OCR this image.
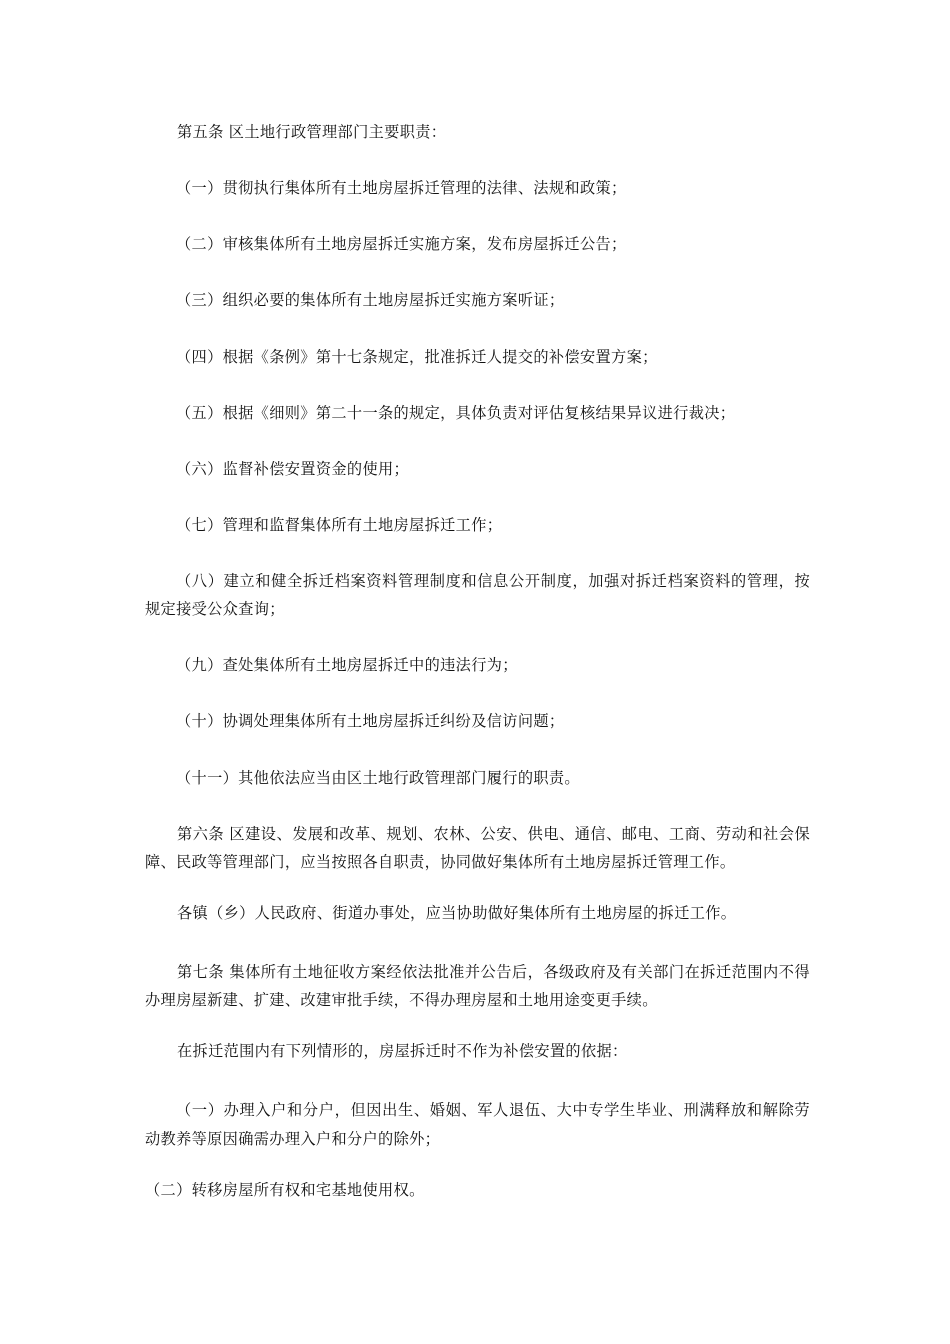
第五条 区土地行政管理部门主要职责：

（一）贯彻执行集体所有土地房屋拆迁管理的法律、法规和政策；

（二）审核集体所有土地房屋拆迁实施方案，发布房屋拆迁公告；

（三）组织必要的集体所有土地房屋拆迁实施方案听证；

（四）根据《条例》第十七条规定，批准拆迁人提交的补偿安置方案；

（五）根据《细则》第二十一条的规定，具体负责对评估复核结果异议进行裁决；

（六）监督补偿安置资金的使用；

（七）管理和监督集体所有土地房屋拆迁工作；

（八）建立和健全拆迁档案资料管理制度和信息公开制度，加强对拆迁档案资料的管理，按规定接受公众查询；

（九）查处集体所有土地房屋拆迁中的违法行为；

（十）协调处理集体所有土地房屋拆迁纠纷及信访问题；

（十一）其他依法应当由区土地行政管理部门履行的职责。

第六条 区建设、发展和改革、规划、农林、公安、供电、通信、邮电、工商、劳动和社会保障、民政等管理部门，应当按照各自职责，协同做好集体所有土地房屋拆迁管理工作。

各镇（乡）人民政府、街道办事处，应当协助做好集体所有土地房屋的拆迁工作。

第七条 集体所有土地征收方案经依法批准并公告后，各级政府及有关部门在拆迁范围内不得办理房屋新建、扩建、改建审批手续，不得办理房屋和土地用途变更手续。

在拆迁范围内有下列情形的，房屋拆迁时不作为补偿安置的依据：

（一）办理入户和分户，但因出生、婚姻、军人退伍、大中专学生毕业、刑满释放和解除劳动教养等原因确需办理入户和分户的除外；

（二）转移房屋所有权和宅基地使用权。
